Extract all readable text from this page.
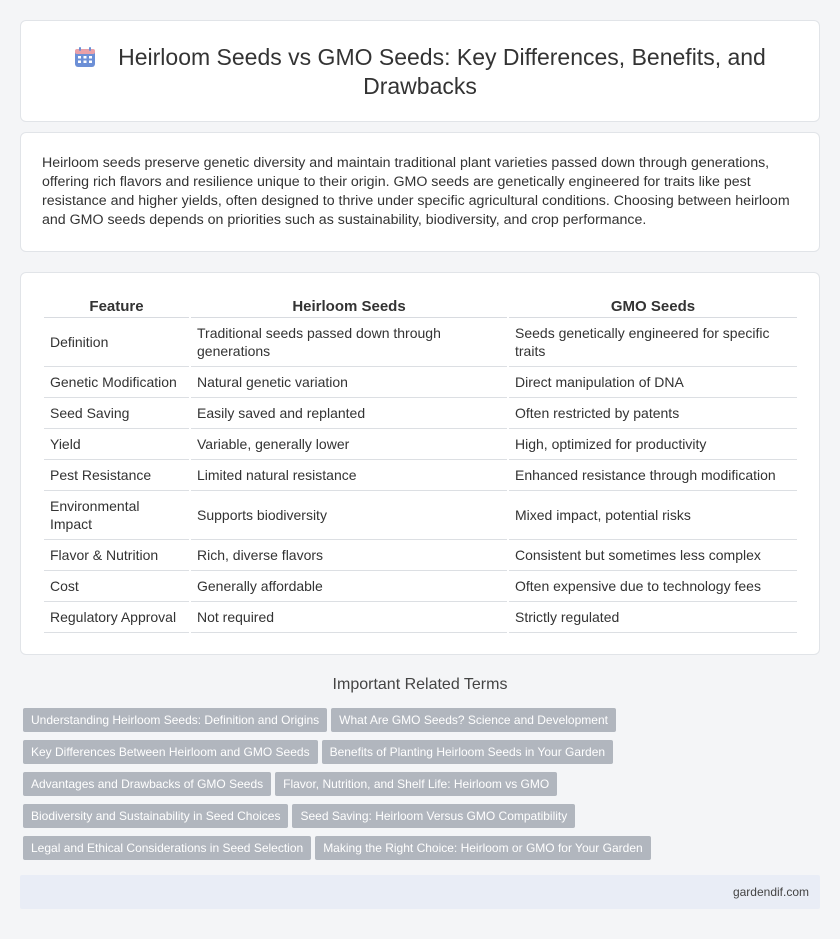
Heirloom Seeds vs GMO Seeds: Key Differences, Benefits, and Drawbacks

Heirloom seeds preserve genetic diversity and maintain traditional plant varieties passed down through generations, offering rich flavors and resilience unique to their origin. GMO seeds are genetically engineered for traits like pest resistance and higher yields, often designed to thrive under specific agricultural conditions. Choosing between heirloom and GMO seeds depends on priorities such as sustainability, biodiversity, and crop performance.

Feature	Heirloom Seeds	GMO Seeds
Definition	Traditional seeds passed down through generations	Seeds genetically engineered for specific traits
Genetic Modification	Natural genetic variation	Direct manipulation of DNA
Seed Saving	Easily saved and replanted	Often restricted by patents
Yield	Variable, generally lower	High, optimized for productivity
Pest Resistance	Limited natural resistance	Enhanced resistance through modification
Environmental Impact	Supports biodiversity	Mixed impact, potential risks
Flavor & Nutrition	Rich, diverse flavors	Consistent but sometimes less complex
Cost	Generally affordable	Often expensive due to technology fees
Regulatory Approval	Not required	Strictly regulated
Important Related Terms
Understanding Heirloom Seeds: Definition and Origins What Are GMO Seeds? Science and Development
Key Differences Between Heirloom and GMO Seeds Benefits of Planting Heirloom Seeds in Your Garden
Advantages and Drawbacks of GMO Seeds Flavor, Nutrition, and Shelf Life: Heirloom vs GMO
Biodiversity and Sustainability in Seed Choices Seed Saving: Heirloom Versus GMO Compatibility
Legal and Ethical Considerations in Seed Selection Making the Right Choice: Heirloom or GMO for Your Garden
gardendif.com
